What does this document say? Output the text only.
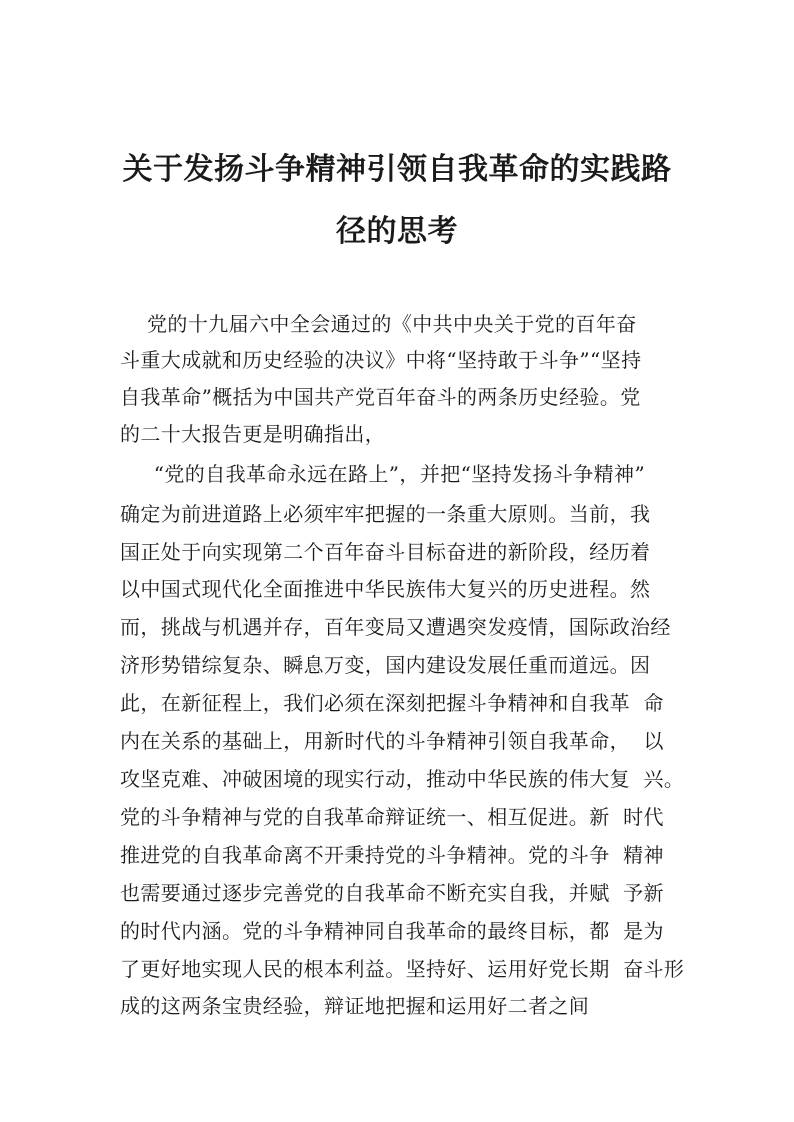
关于发扬斗争精神引领自我革命的实践路
径的思考

党的十九届六中全会通过的《中共中央关于党的百年奋

斗重大成就和历史经验的决议》中将“坚持敢于斗争”“坚持

自我革命”概括为中国共产党百年奋斗的两条历史经验。党

的二十大报告更是明确指出，

“党的自我革命永远在路上”，并把“坚持发扬斗争精神”

确定为前进道路上必须牢牢把握的一条重大原则。当前，我

国正处于向实现第二个百年奋斗目标奋进的新阶段，经历着

以中国式现代化全面推进中华民族伟大复兴的历史进程。然

而，挑战与机遇并存，百年变局又遭遇突发疫情，国际政治经

济形势错综复杂、瞬息万变，国内建设发展任重而道远。因

此，在新征程上，我们必须在深刻把握斗争精神和自我革  命

内在关系的基础上，用新时代的斗争精神引领自我革命，  以

攻坚克难、冲破困境的现实行动，推动中华民族的伟大复  兴。

党的斗争精神与党的自我革命辩证统一、相互促进。新  时代

推进党的自我革命离不开秉持党的斗争精神。党的斗争  精神

也需要通过逐步完善党的自我革命不断充实自我，并赋  予新

的时代内涵。党的斗争精神同自我革命的最终目标，都  是为

了更好地实现人民的根本利益。坚持好、运用好党长期  奋斗形

成的这两条宝贵经验，辩证地把握和运用好二者之间
